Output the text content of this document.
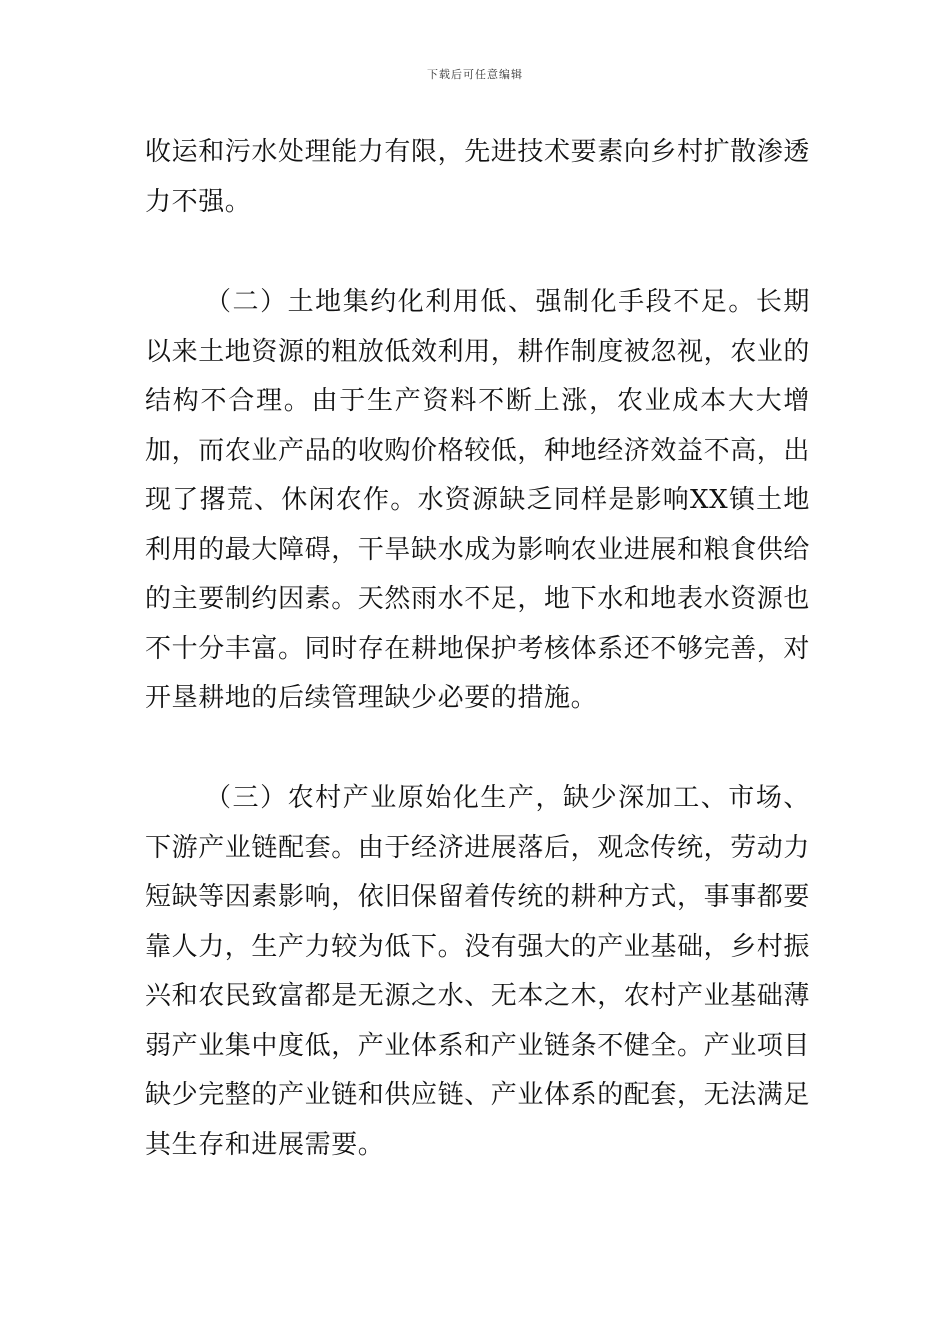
下载后可任意编辑

收运和污水处理能力有限，先进技术要素向乡村扩散渗透力不强。

（二）土地集约化利用低、强制化手段不足。长期以来土地资源的粗放低效利用，耕作制度被忽视，农业的结构不合理。由于生产资料不断上涨，农业成本大大增加，而农业产品的收购价格较低，种地经济效益不高，出现了撂荒、休闲农作。水资源缺乏同样是影响XX镇土地利用的最大障碍，干旱缺水成为影响农业进展和粮食供给的主要制约因素。天然雨水不足，地下水和地表水资源也不十分丰富。同时存在耕地保护考核体系还不够完善，对开垦耕地的后续管理缺少必要的措施。

（三）农村产业原始化生产，缺少深加工、市场、下游产业链配套。由于经济进展落后，观念传统，劳动力短缺等因素影响，依旧保留着传统的耕种方式，事事都要靠人力，生产力较为低下。没有强大的产业基础，乡村振兴和农民致富都是无源之水、无本之木，农村产业基础薄弱产业集中度低，产业体系和产业链条不健全。产业项目缺少完整的产业链和供应链、产业体系的配套，无法满足其生存和进展需要。
